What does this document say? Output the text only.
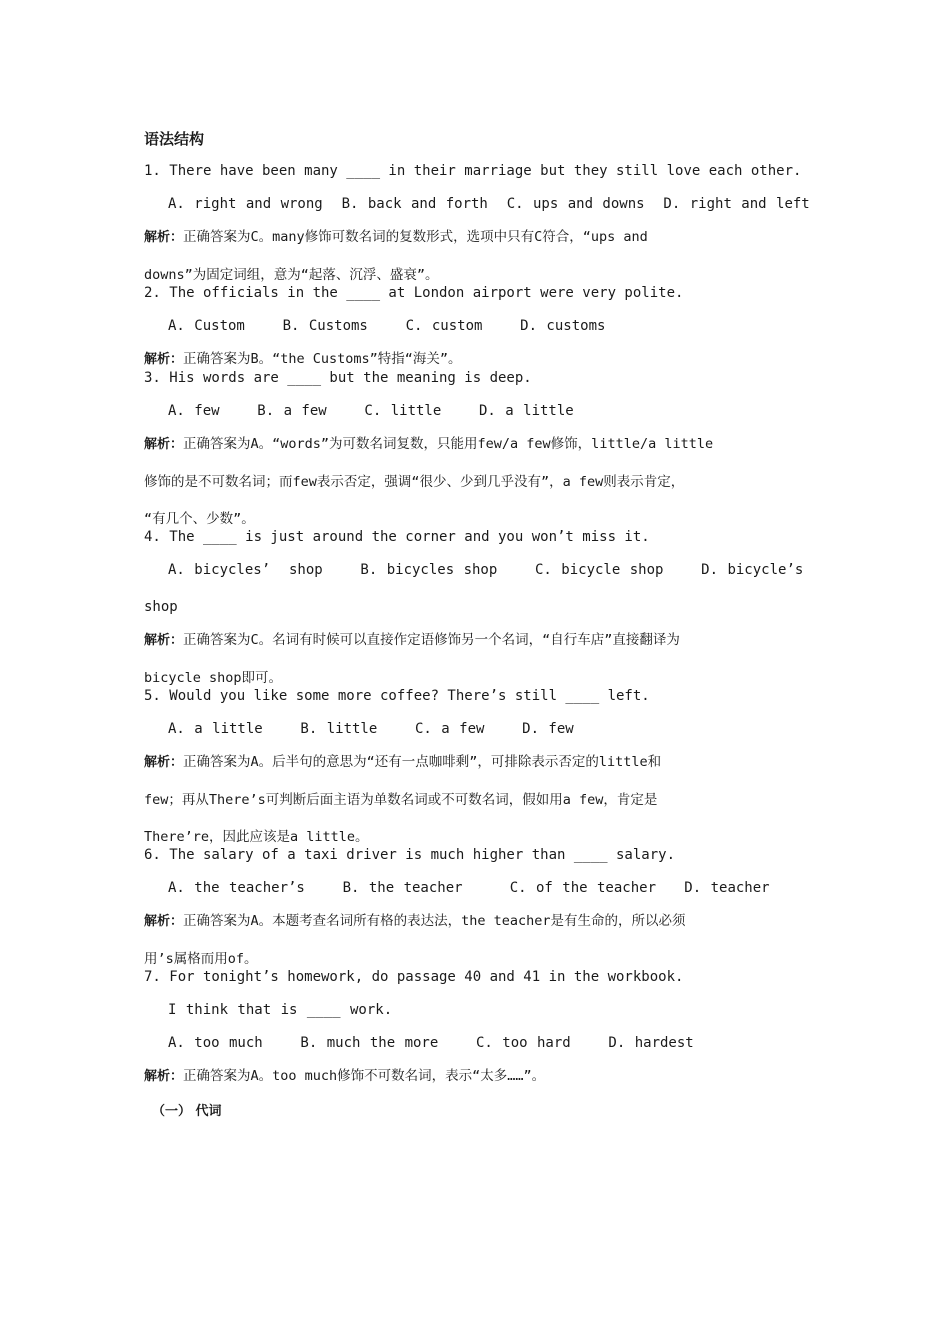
语法结构
1. There have been many ____ in their marriage but they still love each other.
A. right and wrong  B. back and forth  C. ups and downs  D. right and left

解析：正确答案为C。many修饰可数名词的复数形式，选项中只有C符合，“ups and

downs”为固定词组，意为“起落、沉浮、盛衰”。

2. The officials in the ____ at London airport were very polite.
A. Custom    B. Customs    C. custom    D. customs

解析：正确答案为B。“the Customs”特指“海关”。

3. His words are ____ but the meaning is deep.
A. few    B. a few    C. little    D. a little

解析：正确答案为A。“words”为可数名词复数，只能用few/a few修饰，little/a little

修饰的是不可数名词；而few表示否定，强调“很少、少到几乎没有”，a few则表示肯定，

“有几个、少数”。

4. The ____ is just around the corner and you won’t miss it.
A. bicycles’  shop    B. bicycles shop    C. bicycle shop    D. bicycle’s
shop

解析：正确答案为C。名词有时候可以直接作定语修饰另一个名词，“自行车店”直接翻译为

bicycle shop即可。

5. Would you like some more coffee? There’s still ____ left.
A. a little    B. little    C. a few    D. few

解析：正确答案为A。后半句的意思为“还有一点咖啡剩”，可排除表示否定的little和

few；再从There’s可判断后面主语为单数名词或不可数名词，假如用a few，肯定是

There’re，因此应该是a little。

6. The salary of a taxi driver is much higher than ____ salary.
A. the teacher’s    B. the teacher     C. of the teacher   D. teacher

解析：正确答案为A。本题考查名词所有格的表达法，the teacher是有生命的，所以必须

用’s属格而用of。

7. For tonight’s homework, do passage 40 and 41 in the workbook.
I think that is ____ work.
A. too much    B. much the more    C. too hard    D. hardest

解析：正确答案为A。too much修饰不可数名词，表示“太多……”。

（一） 代词
